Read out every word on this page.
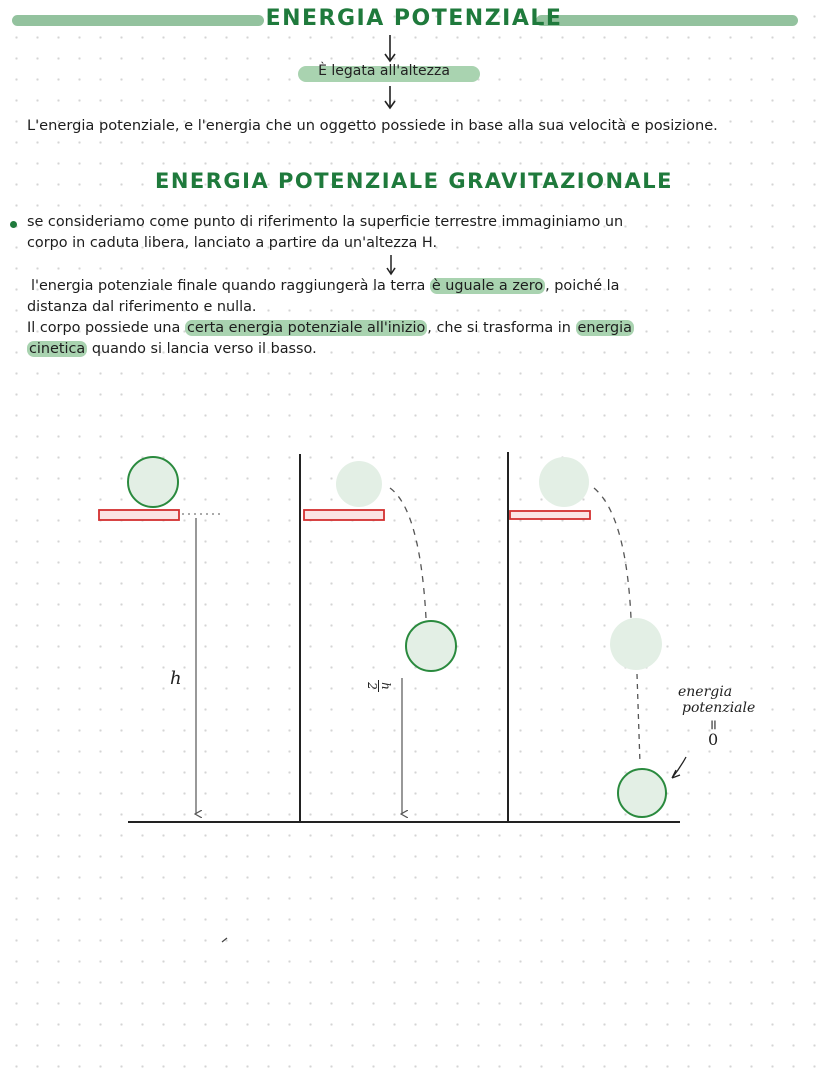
ENERGIA POTENZIALE
È legata all'altezza
L'energia potenziale, e l'energia che un oggetto possiede in base alla sua velocità e posizione.
ENERGIA POTENZIALE GRAVITAZIONALE
se consideriamo come punto di riferimento la superficie terrestre immaginiamo un
corpo in caduta libera, lanciato a partire da un'altezza H.
l'energia potenziale finale quando raggiungerà la terra è uguale a zero , poiché la
distanza dal riferimento e nulla.
Il corpo possiede una certa energia potenziale all'inizio , che si trasforma in energia
cinetica quando si lancia verso il basso.
h	h
2	energia
potenziale
=
0
